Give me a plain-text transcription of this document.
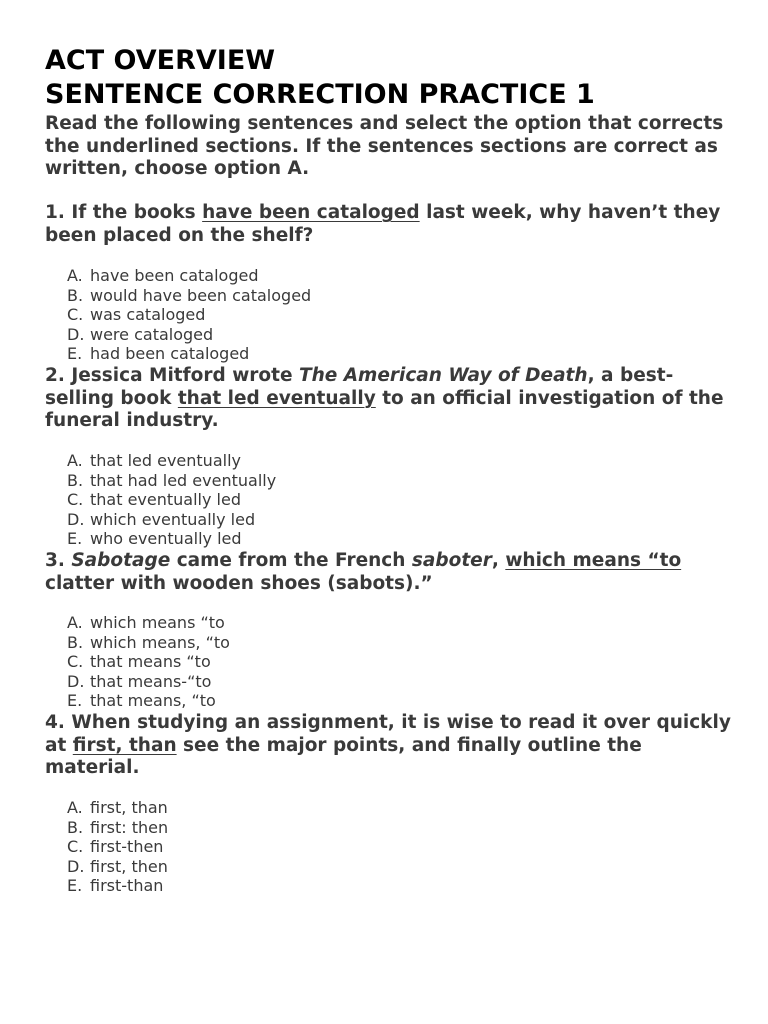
ACT OVERVIEW
SENTENCE CORRECTION PRACTICE 1

Read the following sentences and select the option that corrects the underlined sections. If the sentences sections are correct as written, choose option A.

1. If the books have been cataloged last week, why haven’t they been placed on the shelf?

A. have been cataloged
B. would have been cataloged
C. was cataloged
D. were cataloged
E. had been cataloged

2. Jessica Mitford wrote The American Way of Death, a best-selling book that led eventually to an official investigation of the funeral industry.

A. that led eventually
B. that had led eventually
C. that eventually led
D. which eventually led
E. who eventually led

3. Sabotage came from the French saboter, which means “to clatter with wooden shoes (sabots).”

A. which means “to
B. which means, “to
C. that means “to
D. that means-“to
E. that means, “to

4. When studying an assignment, it is wise to read it over quickly at first, than see the major points, and finally outline the material.

A. first, than
B. first: then
C. first-then
D. first, then
E. first-than
